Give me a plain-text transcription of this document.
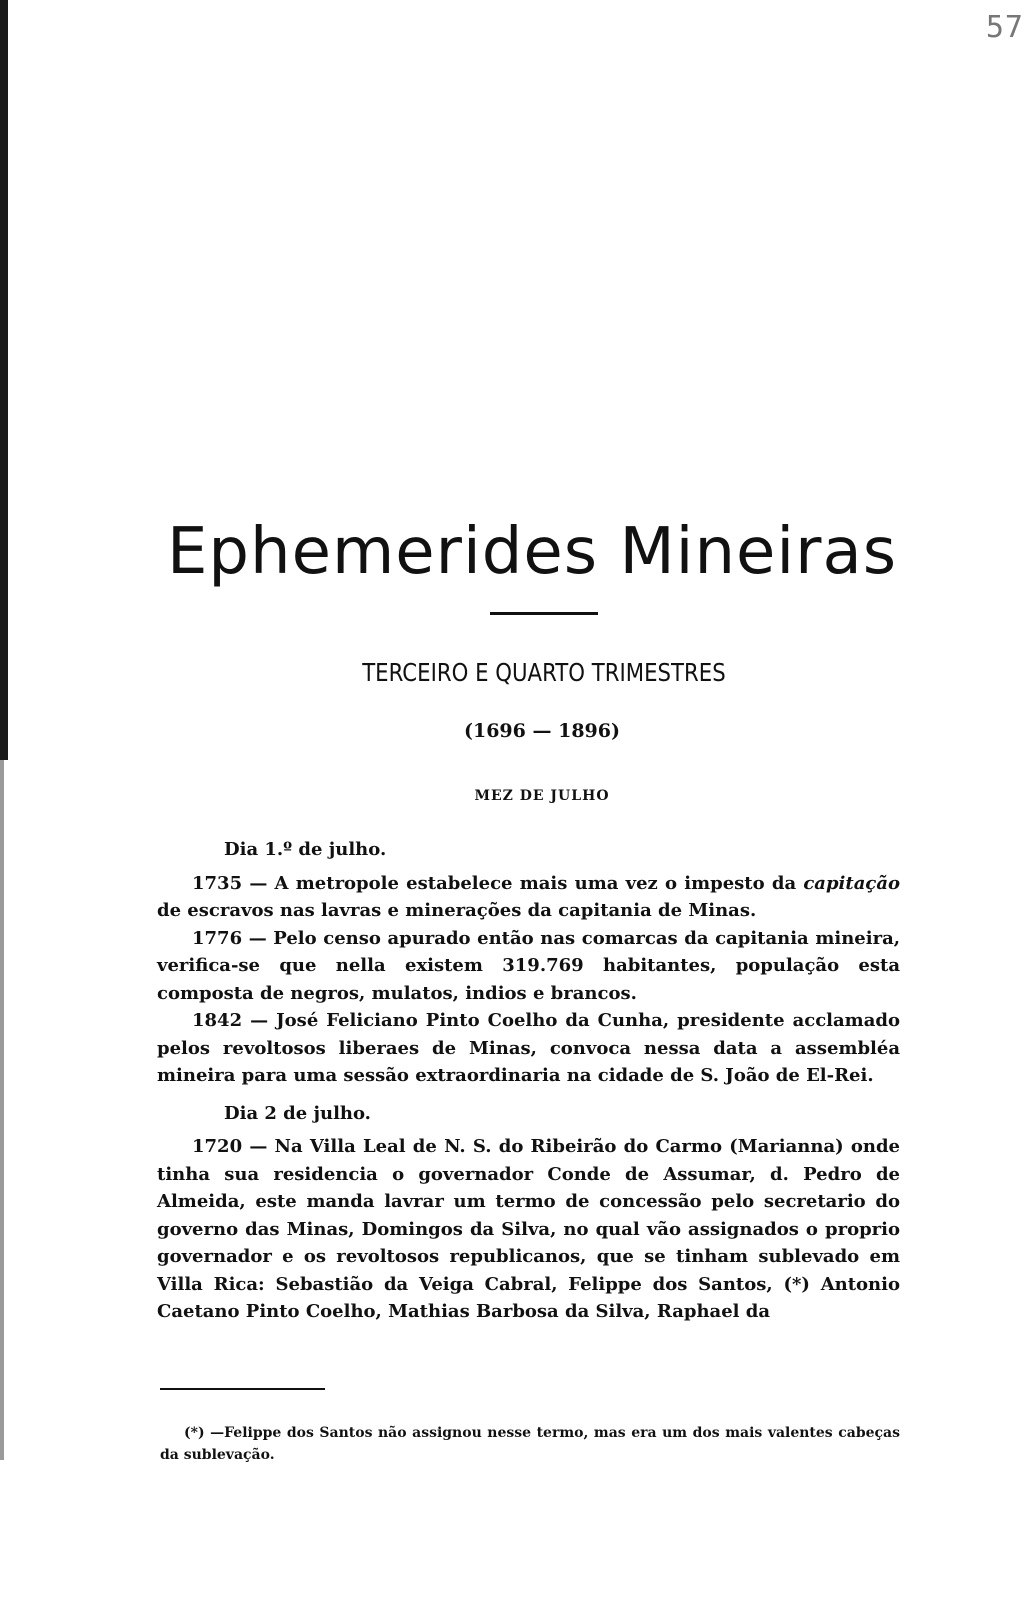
57
Ephemerides Mineiras
TERCEIRO E QUARTO TRIMESTRES
(1696 — 1896)
MEZ DE JULHO

Dia 1.º de julho.

1735 — A metropole estabelece mais uma vez o impesto da capitação de escravos nas lavras e minerações da capitania de Minas.

1776 — Pelo censo apurado então nas comarcas da capitania mineira, verifica-se que nella existem 319.769 habitantes, população esta composta de negros, mulatos, indios e brancos.

1842 — José Feliciano Pinto Coelho da Cunha, presidente acclamado pelos revoltosos liberaes de Minas, convoca nessa data a assembléa mineira para uma sessão extraordinaria na cidade de S. João de El-Rei.

Dia 2 de julho.

1720 — Na Villa Leal de N. S. do Ribeirão do Carmo (Marianna) onde tinha sua residencia o governador Conde de Assumar, d. Pedro de Almeida, este manda lavrar um termo de concessão pelo secretario do governo das Minas, Domingos da Silva, no qual vão assignados o proprio governador e os revoltosos republicanos, que se tinham sublevado em Villa Rica: Sebastião da Veiga Cabral, Felippe dos Santos, (*) Antonio Caetano Pinto Coelho, Mathias Barbosa da Silva, Raphael da

(*) —Felippe dos Santos não assignou nesse termo, mas era um dos mais valentes cabeças da sublevação.
